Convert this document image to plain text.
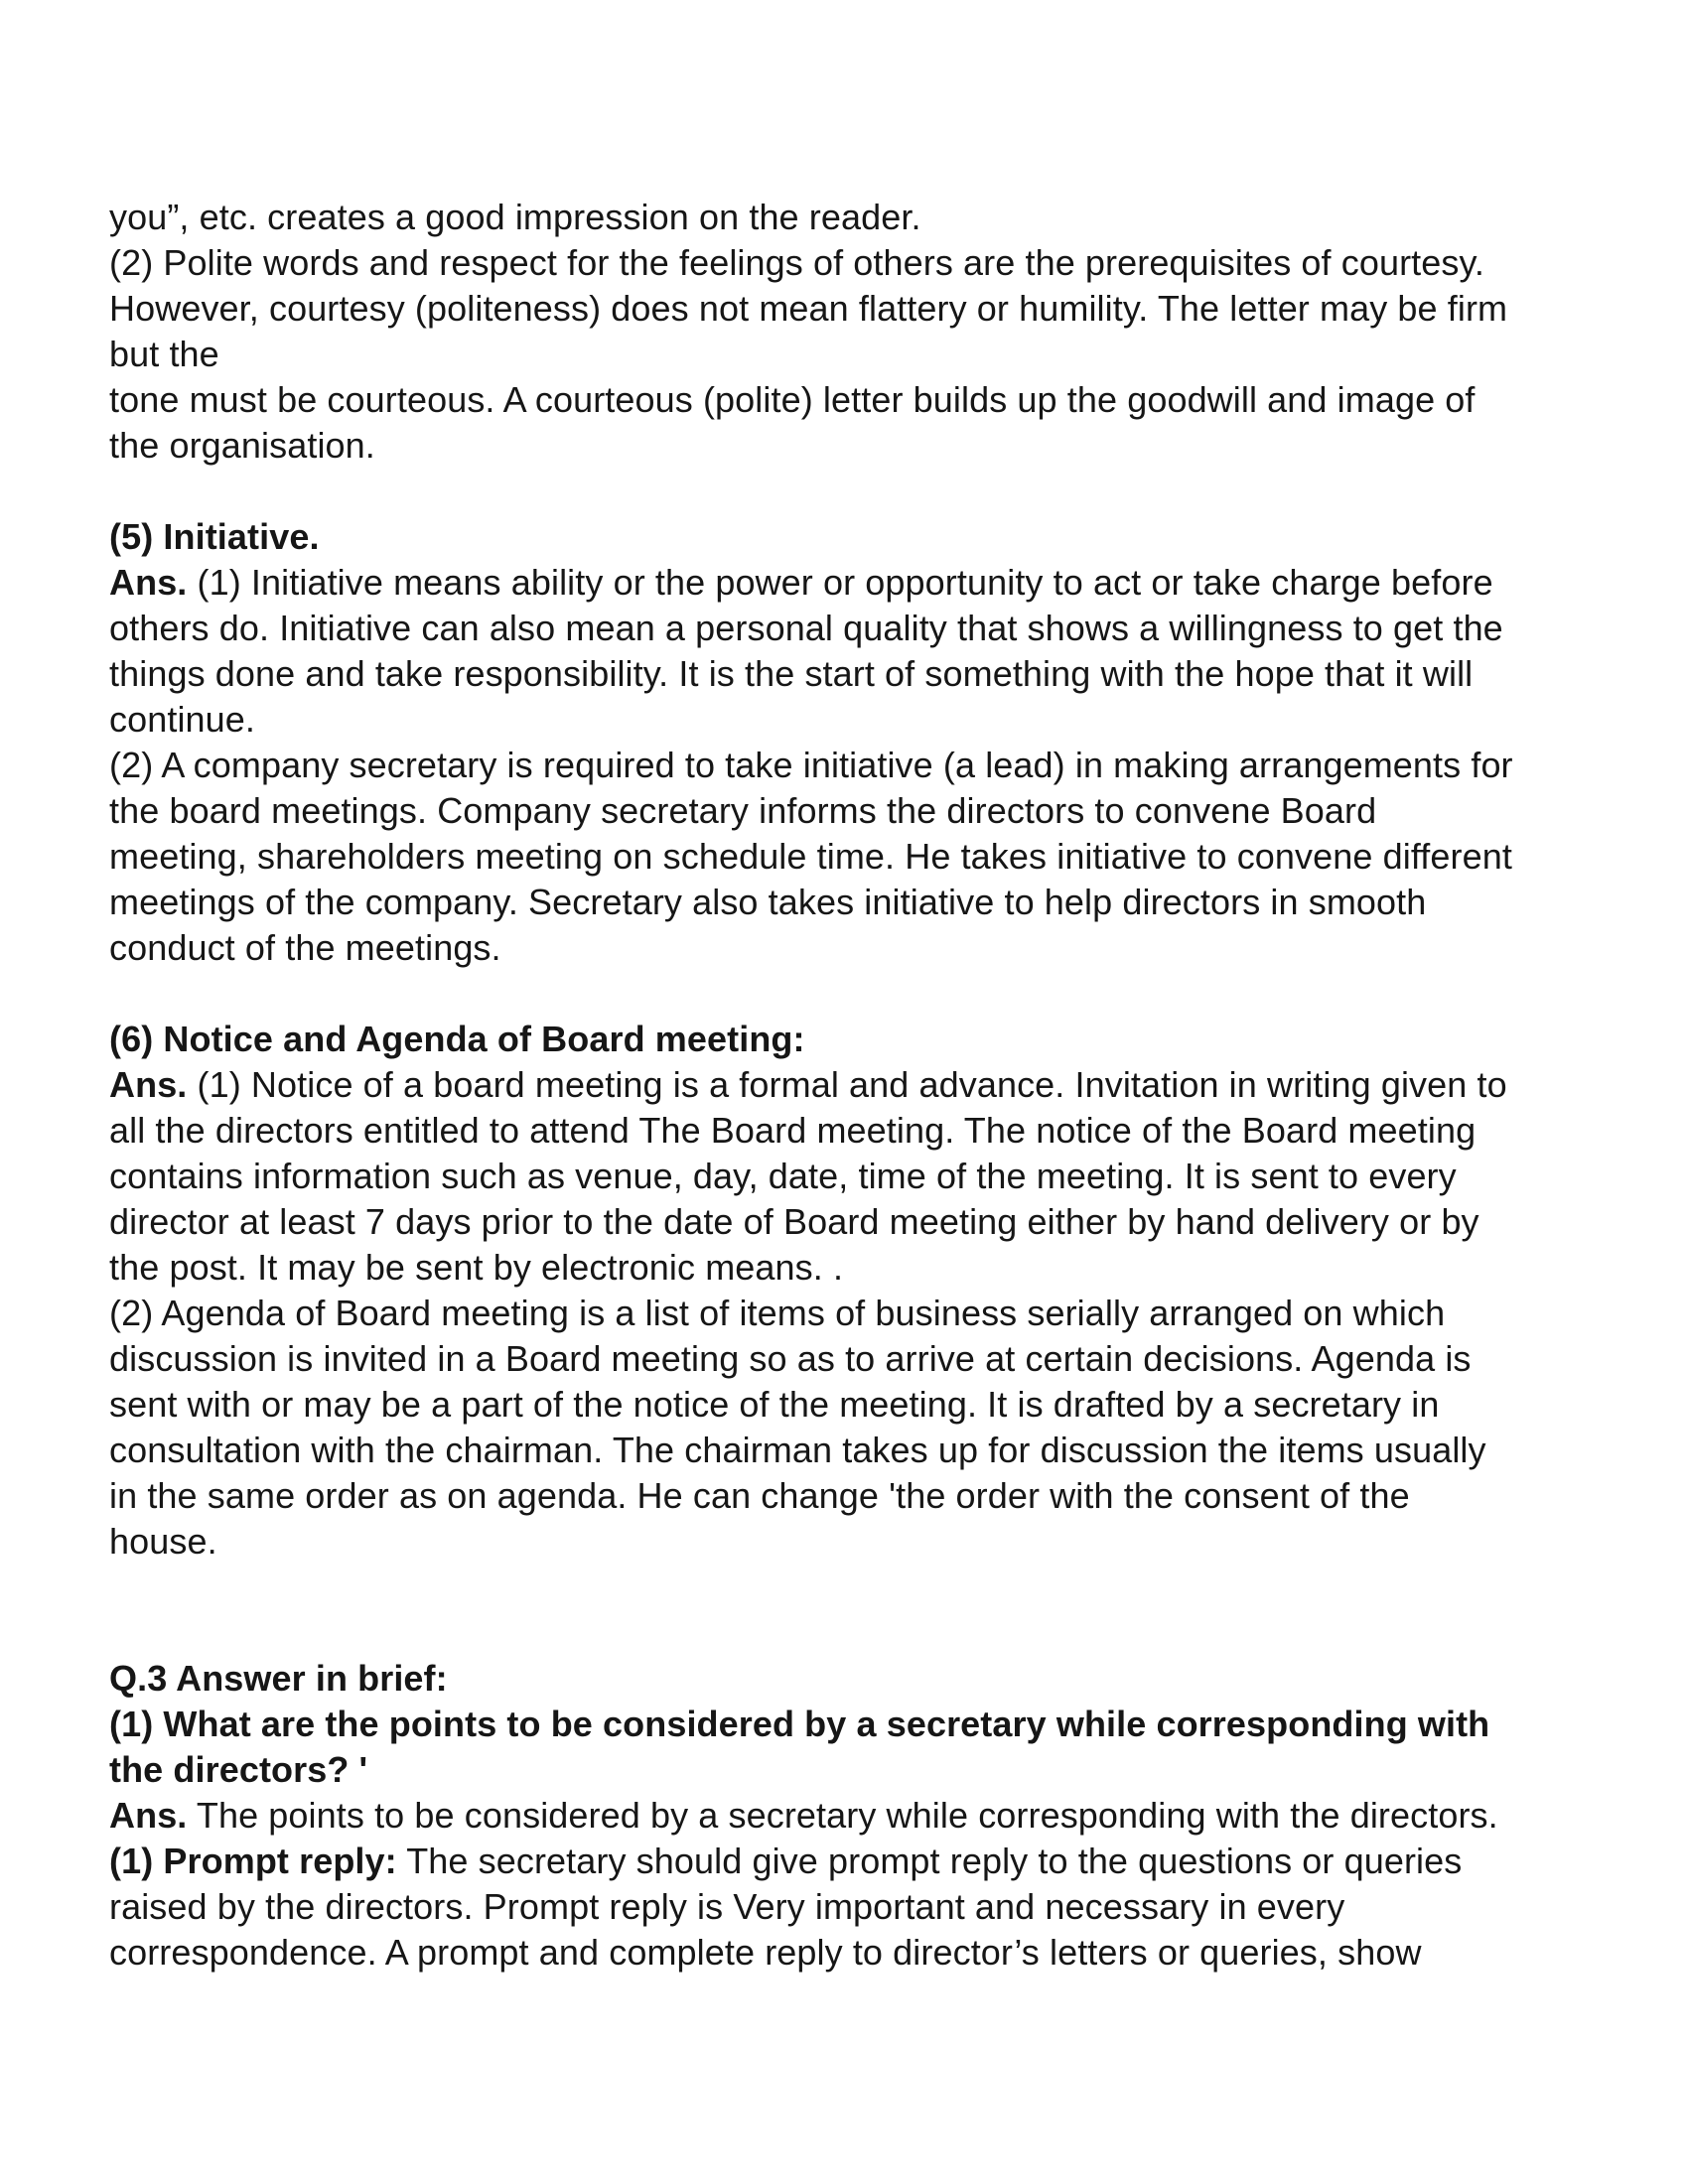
you”, etc. creates a good impression on the reader.
(2) Polite words and respect for the feelings of others are the prerequisites of courtesy.
However, courtesy (politeness) does not mean flattery or humility. The letter may be firm
but the
tone must be courteous. A courteous (polite) letter builds up the goodwill and image of
the organisation.
(5) Initiative.
Ans. (1) Initiative means ability or the power or opportunity to act or take charge before
others do. Initiative can also mean a personal quality that shows a willingness to get the
things done and take responsibility. It is the start of something with the hope that it will
continue.
(2) A company secretary is required to take initiative (a lead) in making arrangements for
the board meetings. Company secretary informs the directors to convene Board
meeting, shareholders meeting on schedule time. He takes initiative to convene different
meetings of the company. Secretary also takes initiative to help directors in smooth
conduct of the meetings.
(6) Notice and Agenda of Board meeting:
Ans. (1) Notice of a board meeting is a formal and advance. Invitation in writing given to
all the directors entitled to attend The Board meeting. The notice of the Board meeting
contains information such as venue, day, date, time of the meeting. It is sent to every
director at least 7 days prior to the date of Board meeting either by hand delivery or by
the post. It may be sent by electronic means. .
(2) Agenda of Board meeting is a list of items of business serially arranged on which
discussion is invited in a Board meeting so as to arrive at certain decisions. Agenda is
sent with or may be a part of the notice of the meeting. It is drafted by a secretary in
consultation with the chairman. The chairman takes up for discussion the items usually
in the same order as on agenda. He can change 'the order with the consent of the
house.
Q.3 Answer in brief:
(1) What are the points to be considered by a secretary while corresponding with
the directors? '
Ans. The points to be considered by a secretary while corresponding with the directors.
(1) Prompt reply: The secretary should give prompt reply to the questions or queries
raised by the directors. Prompt reply is Very important and necessary in every
correspondence. A prompt and complete reply to director’s letters or queries, show
